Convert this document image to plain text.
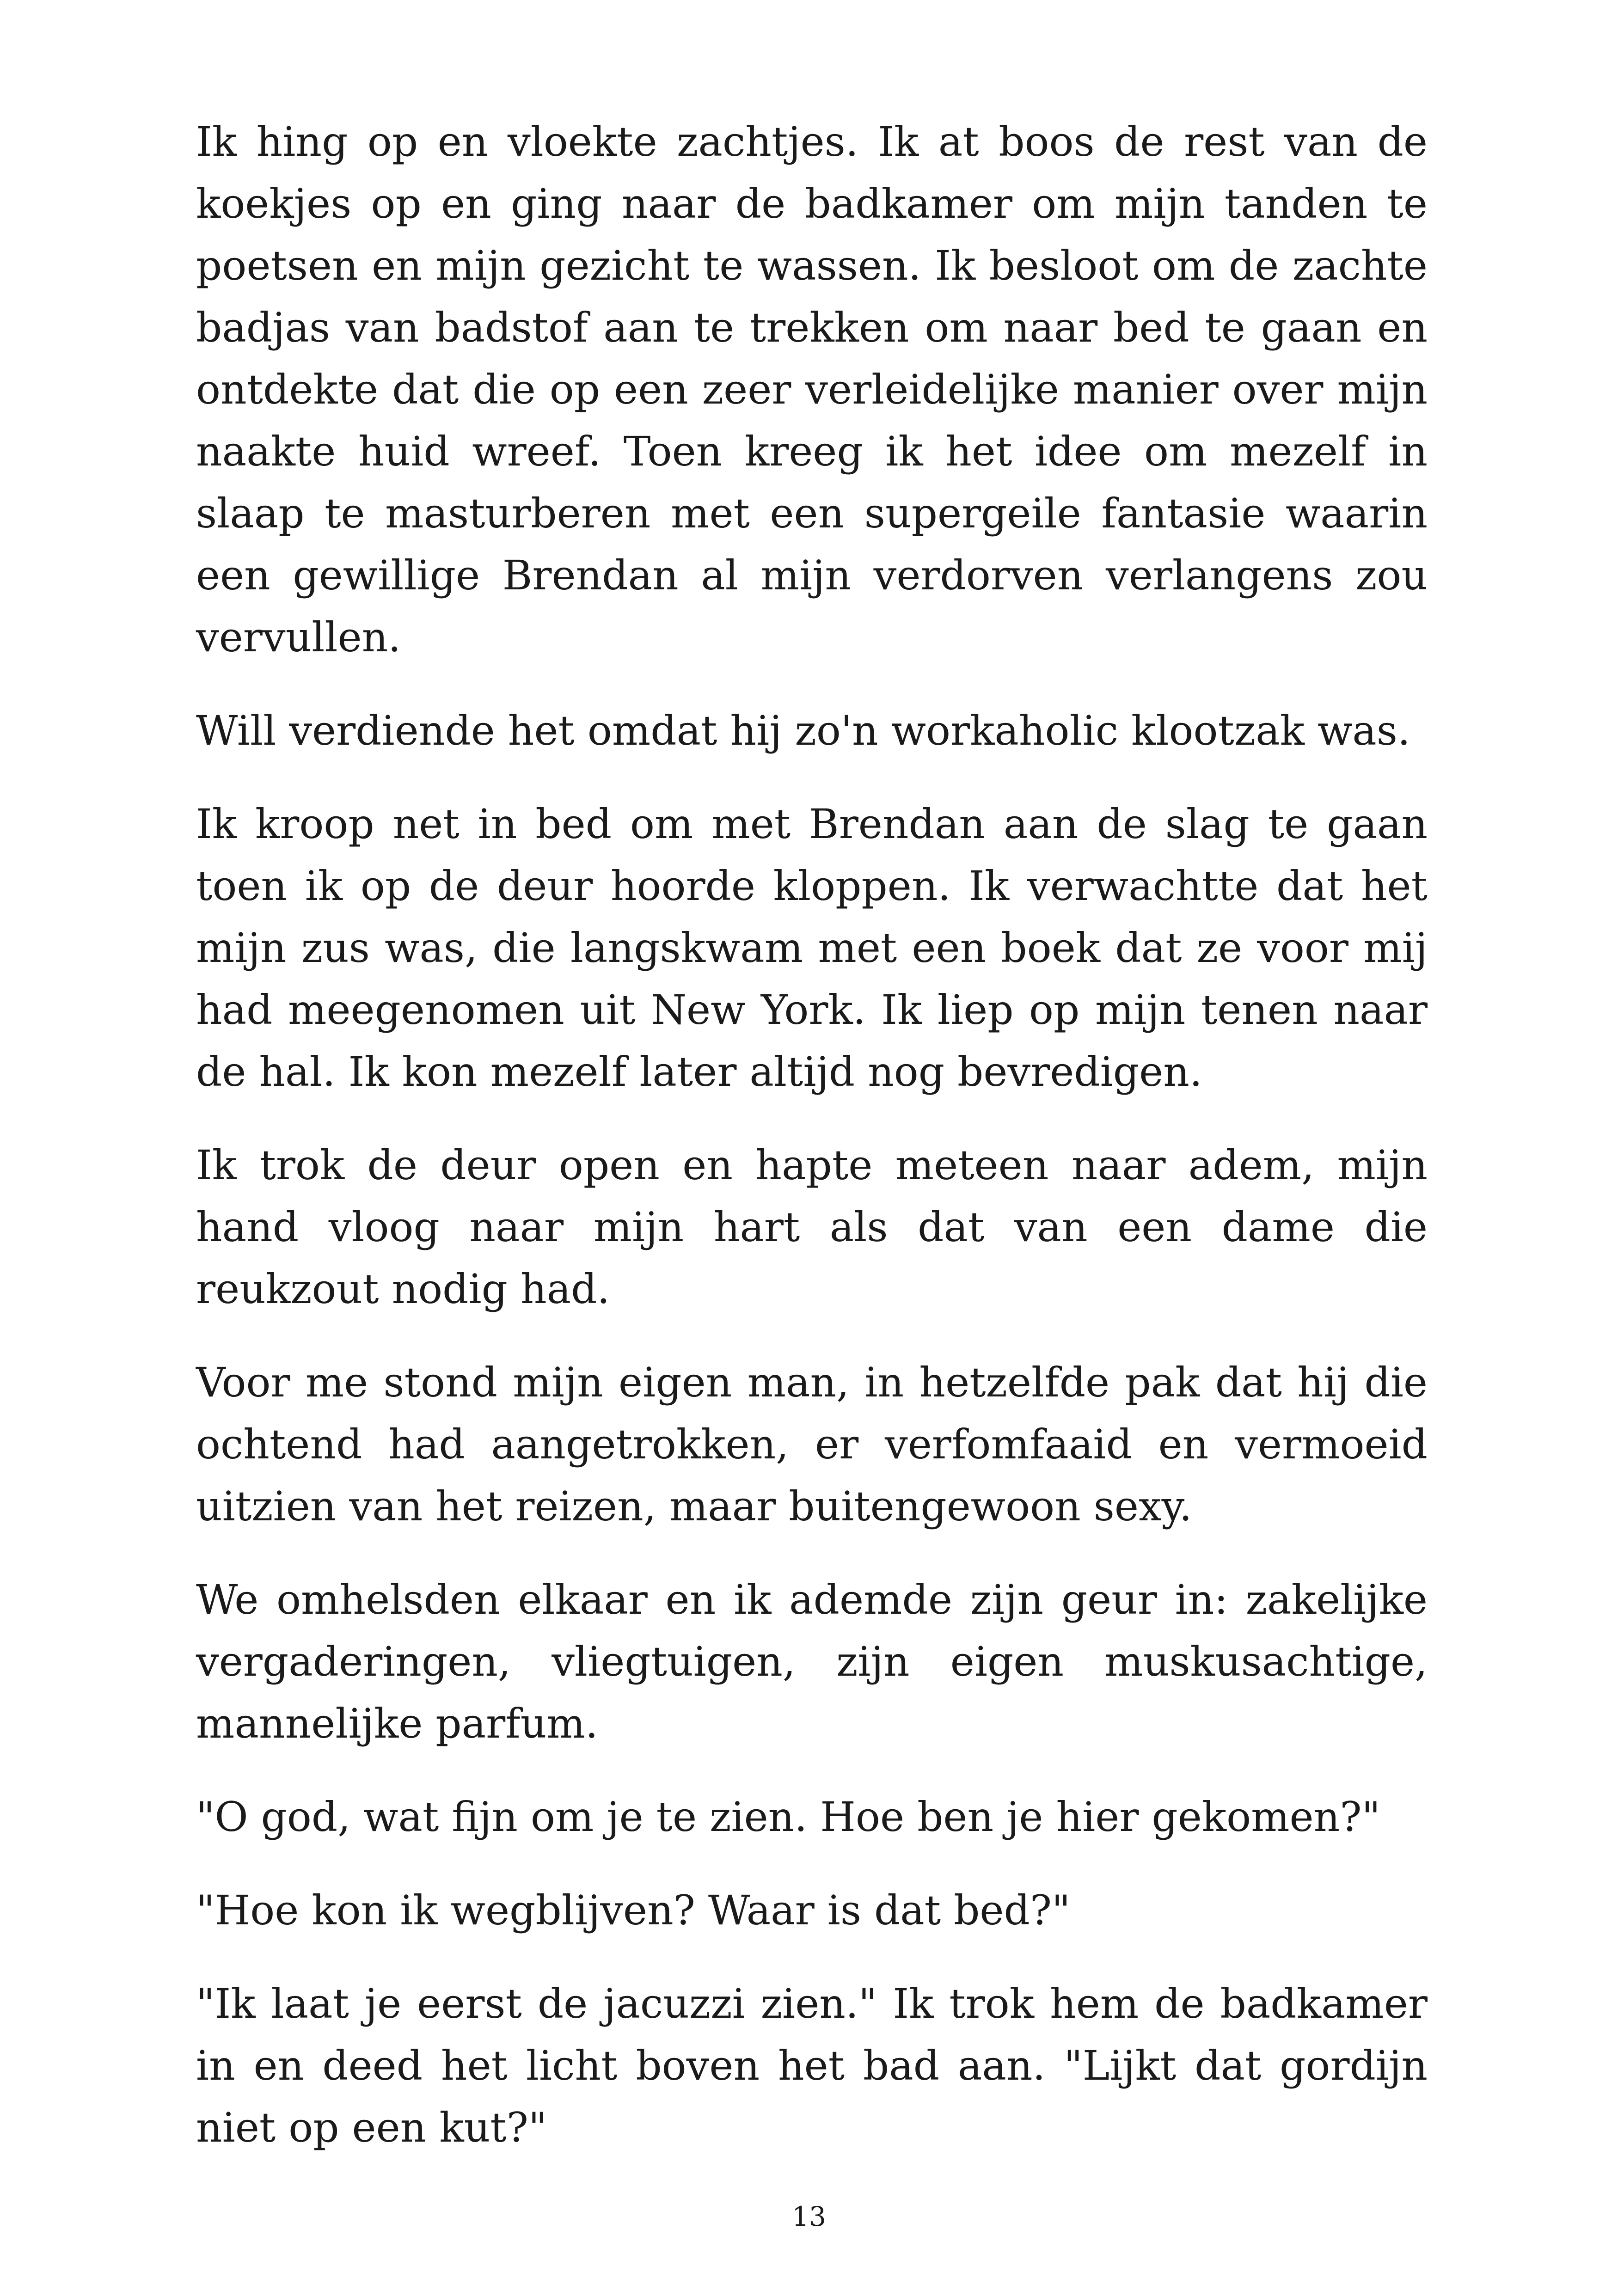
Ik hing op en vloekte zachtjes. Ik at boos de rest van de koekjes op en ging naar de badkamer om mijn tanden te poetsen en mijn gezicht te wassen. Ik besloot om de zachte badjas van badstof aan te trekken om naar bed te gaan en ontdekte dat die op een zeer verleidelijke manier over mijn naakte huid wreef. Toen kreeg ik het idee om mezelf in slaap te masturberen met een supergeile fantasie waarin een gewillige Brendan al mijn verdorven verlangens zou vervullen.

Will verdiende het omdat hij zo'n workaholic klootzak was.

Ik kroop net in bed om met Brendan aan de slag te gaan toen ik op de deur hoorde kloppen. Ik verwachtte dat het mijn zus was, die langskwam met een boek dat ze voor mij had meegenomen uit New York. Ik liep op mijn tenen naar de hal. Ik kon mezelf later altijd nog bevredigen.

Ik trok de deur open en hapte meteen naar adem, mijn hand vloog naar mijn hart als dat van een dame die reukzout nodig had.

Voor me stond mijn eigen man, in hetzelfde pak dat hij die ochtend had aangetrokken, er verfomfaaid en vermoeid uitzien van het reizen, maar buitengewoon sexy.

We omhelsden elkaar en ik ademde zijn geur in: zakelijke vergaderingen, vliegtuigen, zijn eigen muskusachtige, mannelijke parfum.

"O god, wat fijn om je te zien. Hoe ben je hier gekomen?"

"Hoe kon ik wegblijven? Waar is dat bed?"

"Ik laat je eerst de jacuzzi zien." Ik trok hem de badkamer in en deed het licht boven het bad aan. "Lijkt dat gordijn niet op een kut?"

13
